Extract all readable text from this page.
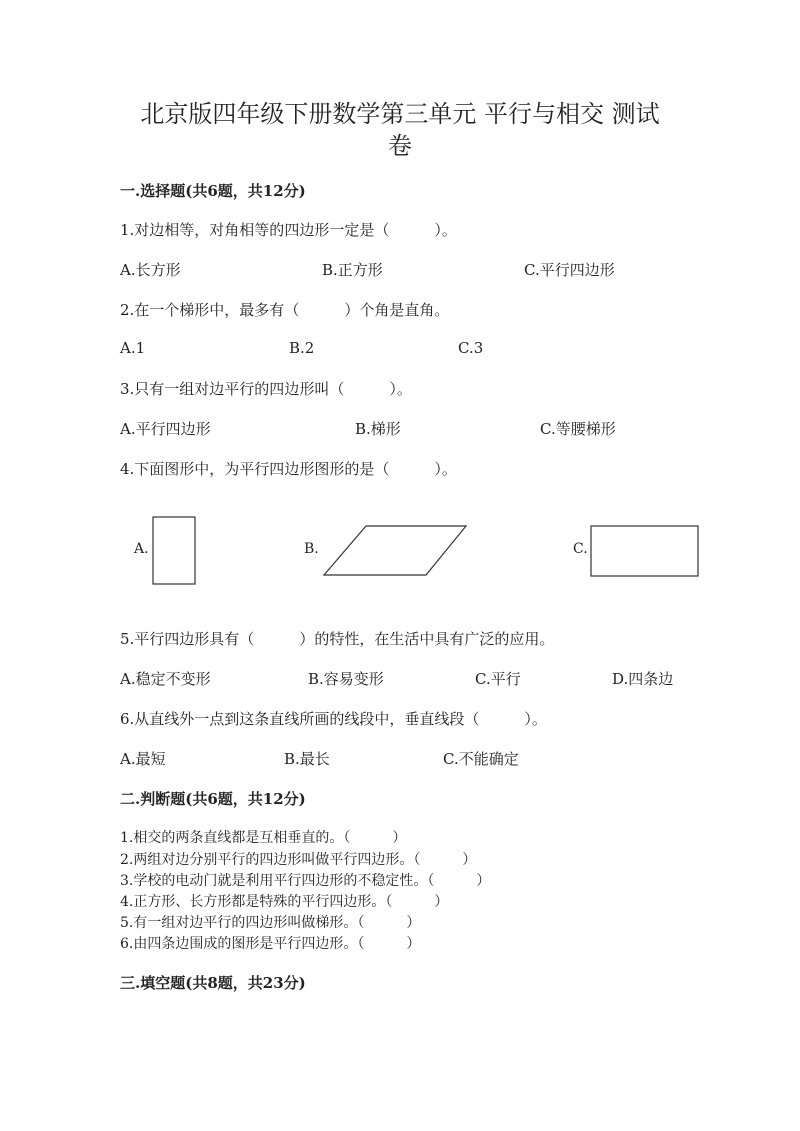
北京版四年级下册数学第三单元 平行与相交 测试
卷
一.选择题(共6题，共12分)
1.对边相等，对角相等的四边形一定是（　　　）。
A.长方形	B.正方形	C.平行四边形
2.在一个梯形中，最多有（　　　）个角是直角。
A.1	B.2	C.3
3.只有一组对边平行的四边形叫（　　　）。
A.平行四边形	B.梯形	C.等腰梯形
4.下面图形中，为平行四边形图形的是（　　　）。
A.	B.	C.
5.平行四边形具有（　　　）的特性，在生活中具有广泛的应用。
A.稳定不变形	B.容易变形	C.平行	D.四条边
6.从直线外一点到这条直线所画的线段中，垂直线段（　　　）。
A.最短	B.最长	C.不能确定
二.判断题(共6题，共12分)
1.相交的两条直线都是互相垂直的。（　　　）
2.两组对边分别平行的四边形叫做平行四边形。（　　　）
3.学校的电动门就是利用平行四边形的不稳定性。（　　　）
4.正方形、长方形都是特殊的平行四边形。（　　　）
5.有一组对边平行的四边形叫做梯形。（　　　）
6.由四条边围成的图形是平行四边形。（　　　）
三.填空题(共8题，共23分)
